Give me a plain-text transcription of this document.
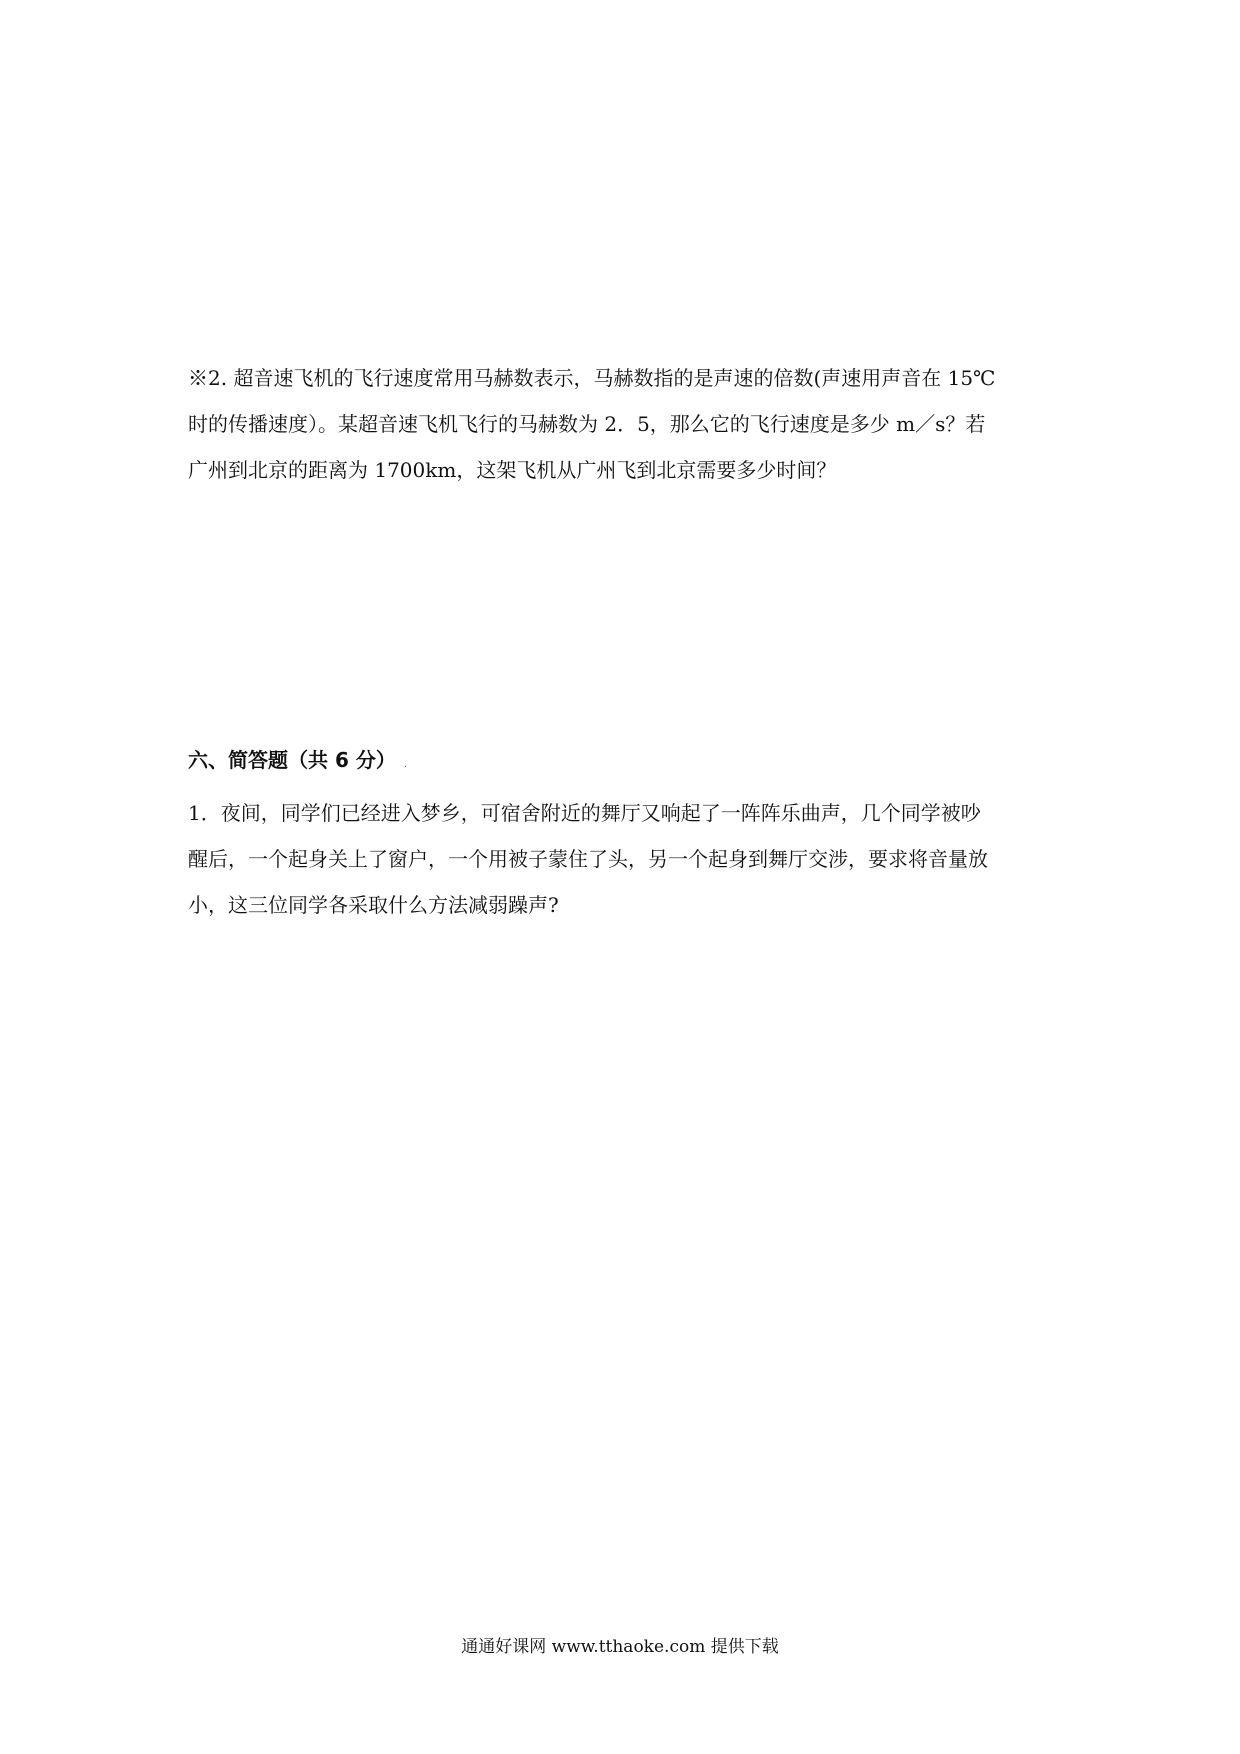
※2. 超音速飞机的飞行速度常用马赫数表示，马赫数指的是声速的倍数(声速用声音在 15℃
时的传播速度）。某超音速飞机飞行的马赫数为 2．5，那么它的飞行速度是多少 m／s？若
广州到北京的距离为 1700km，这架飞机从广州飞到北京需要多少时间？
六、简答题（共 6 分） .
1．夜间，同学们已经进入梦乡，可宿舍附近的舞厅又响起了一阵阵乐曲声，几个同学被吵
醒后，一个起身关上了窗户，一个用被子蒙住了头，另一个起身到舞厅交涉，要求将音量放
小，这三位同学各采取什么方法减弱躁声?
通通好课网 www.tthaoke.com 提供下载
